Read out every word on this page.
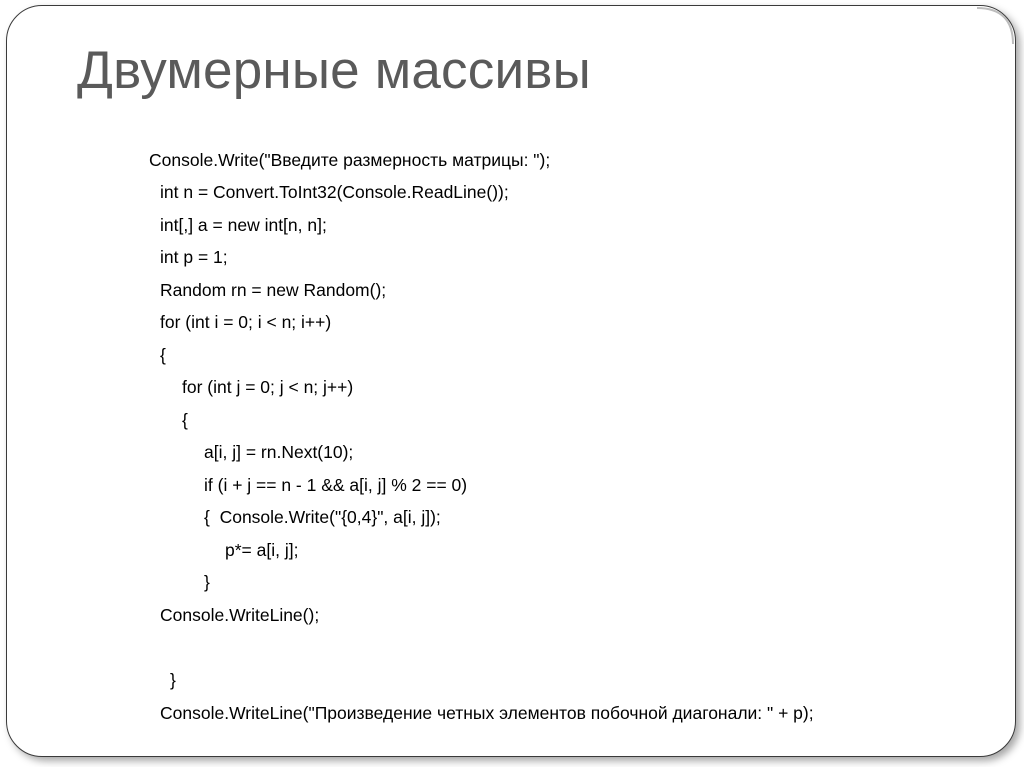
Двумерные массивы
Console.Write("Введите размерность матрицы: ");
int n = Convert.ToInt32(Console.ReadLine());
int[,] a = new int[n, n];
int p = 1;
Random rn = new Random();
for (int i = 0; i < n; i++)
{
for (int j = 0; j < n; j++)
{
a[i, j] = rn.Next(10);
if (i + j == n - 1 && a[i, j] % 2 == 0)
{  Console.Write("{0,4}", a[i, j]);
p*= a[i, j];
}
Console.WriteLine();
}
Console.WriteLine("Произведение четных элементов побочной диагонали: " + p);
